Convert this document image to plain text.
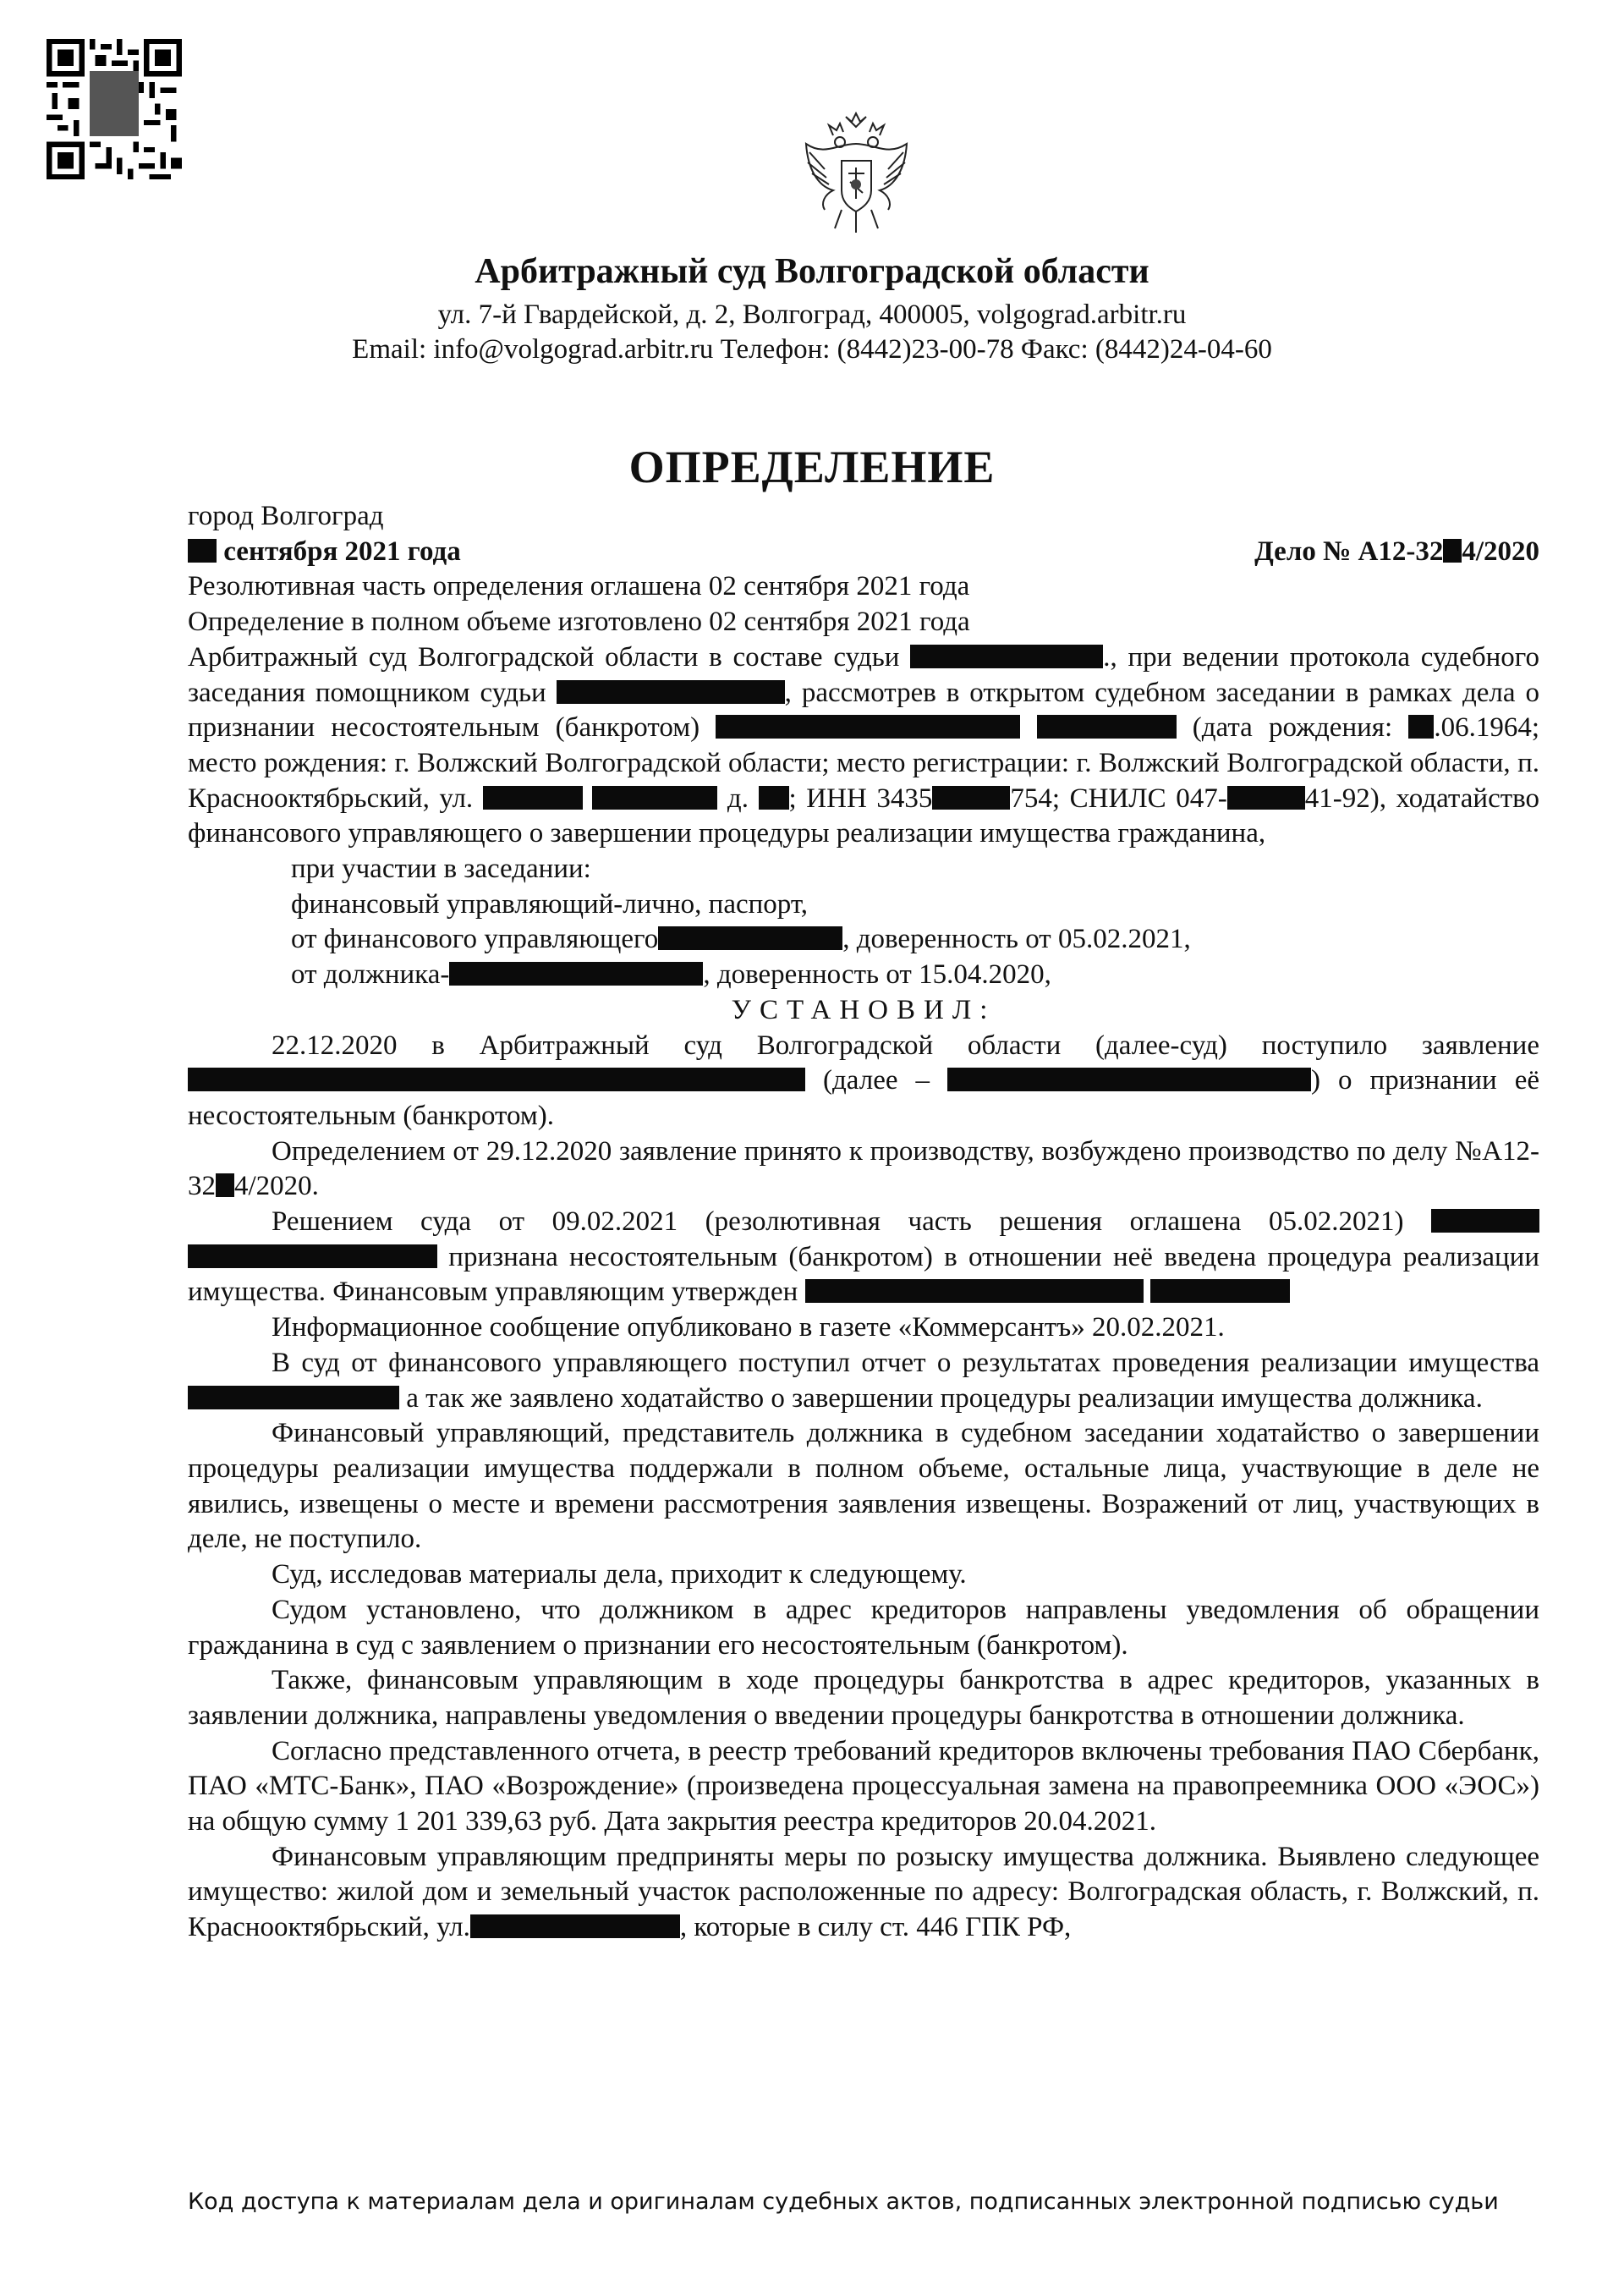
Арбитражный суд Волгоградской области
ул. 7-й Гвардейской, д. 2, Волгоград, 400005, volgograd.arbitr.ru
Email: info@volgograd.arbitr.ru Телефон: (8442)23-00-78 Факс: (8442)24-04-60
ОПРЕДЕЛЕНИЕ

город Волгоград

сентября 2021 года	Дело № А12-32 4/2020

Резолютивная часть определения оглашена 02 сентября 2021 года

Определение в полном объеме изготовлено 02 сентября 2021 года

Арбитражный суд Волгоградской области в составе судьи	., при ведении протокола судебного заседания помощником судьи	, рассмотрев в открытом судебном заседании в рамках дела о признании несостоятельным (банкротом)	(дата рождения: .06.1964; место рождения: г. Волжский Волгоградской области; место регистрации: г. Волжский Волгоградской области, п. Краснооктябрьский, ул.	д. ; ИНН 3435	754; СНИЛС 047-	41-92), ходатайство финансового управляющего о завершении процедуры реализации имущества гражданина,

при участии в заседании:

финансовый управляющий-лично, паспорт,

от финансового управляющего	, доверенность от 05.02.2021,

от должника-	, доверенность от 15.04.2020,

УСТАНОВИЛ:

22.12.2020 в Арбитражный суд Волгоградской области (далее-суд) поступило заявление  (далее –	) о признании её несостоятельным (банкротом).

Определением от 29.12.2020 заявление принято к производству, возбуждено производство по делу №А12-32 4/2020.

Решением суда от 09.02.2021 (резолютивная часть решения оглашена 05.02.2021)   признана несостоятельным (банкротом) в отношении неё введена процедура реализации имущества. Финансовым управляющим утвержден

Информационное сообщение опубликовано в газете «Коммерсантъ» 20.02.2021.

В суд от финансового управляющего поступил отчет о результатах проведения реализации имущества  а так же заявлено ходатайство о завершении процедуры реализации имущества должника.

Финансовый управляющий, представитель должника в судебном заседании ходатайство о завершении процедуры реализации имущества поддержали в полном объеме, остальные лица, участвующие в деле не явились, извещены о месте и времени рассмотрения заявления извещены. Возражений от лиц, участвующих в деле, не поступило.

Суд, исследовав материалы дела, приходит к следующему.

Судом установлено, что должником в адрес кредиторов направлены уведомления об обращении гражданина в суд с заявлением о признании его несостоятельным (банкротом).

Также, финансовым управляющим в ходе процедуры банкротства в адрес кредиторов, указанных в заявлении должника, направлены уведомления о введении процедуры банкротства в отношении должника.

Согласно представленного отчета, в реестр требований кредиторов включены требования ПАО Сбербанк, ПАО «МТС-Банк», ПАО «Возрождение» (произведена процессуальная замена на правопреемника ООО «ЭОС») на общую сумму 1 201 339,63 руб. Дата закрытия реестра кредиторов 20.04.2021.

Финансовым управляющим предприняты меры по розыску имущества должника. Выявлено следующее имущество: жилой дом и земельный участок расположенные по адресу: Волгоградская область, г. Волжский, п. Краснооктябрьский, ул.	, которые в силу ст. 446 ГПК РФ,

Код доступа к материалам дела и оригиналам судебных актов, подписанных электронной подписью судьи
